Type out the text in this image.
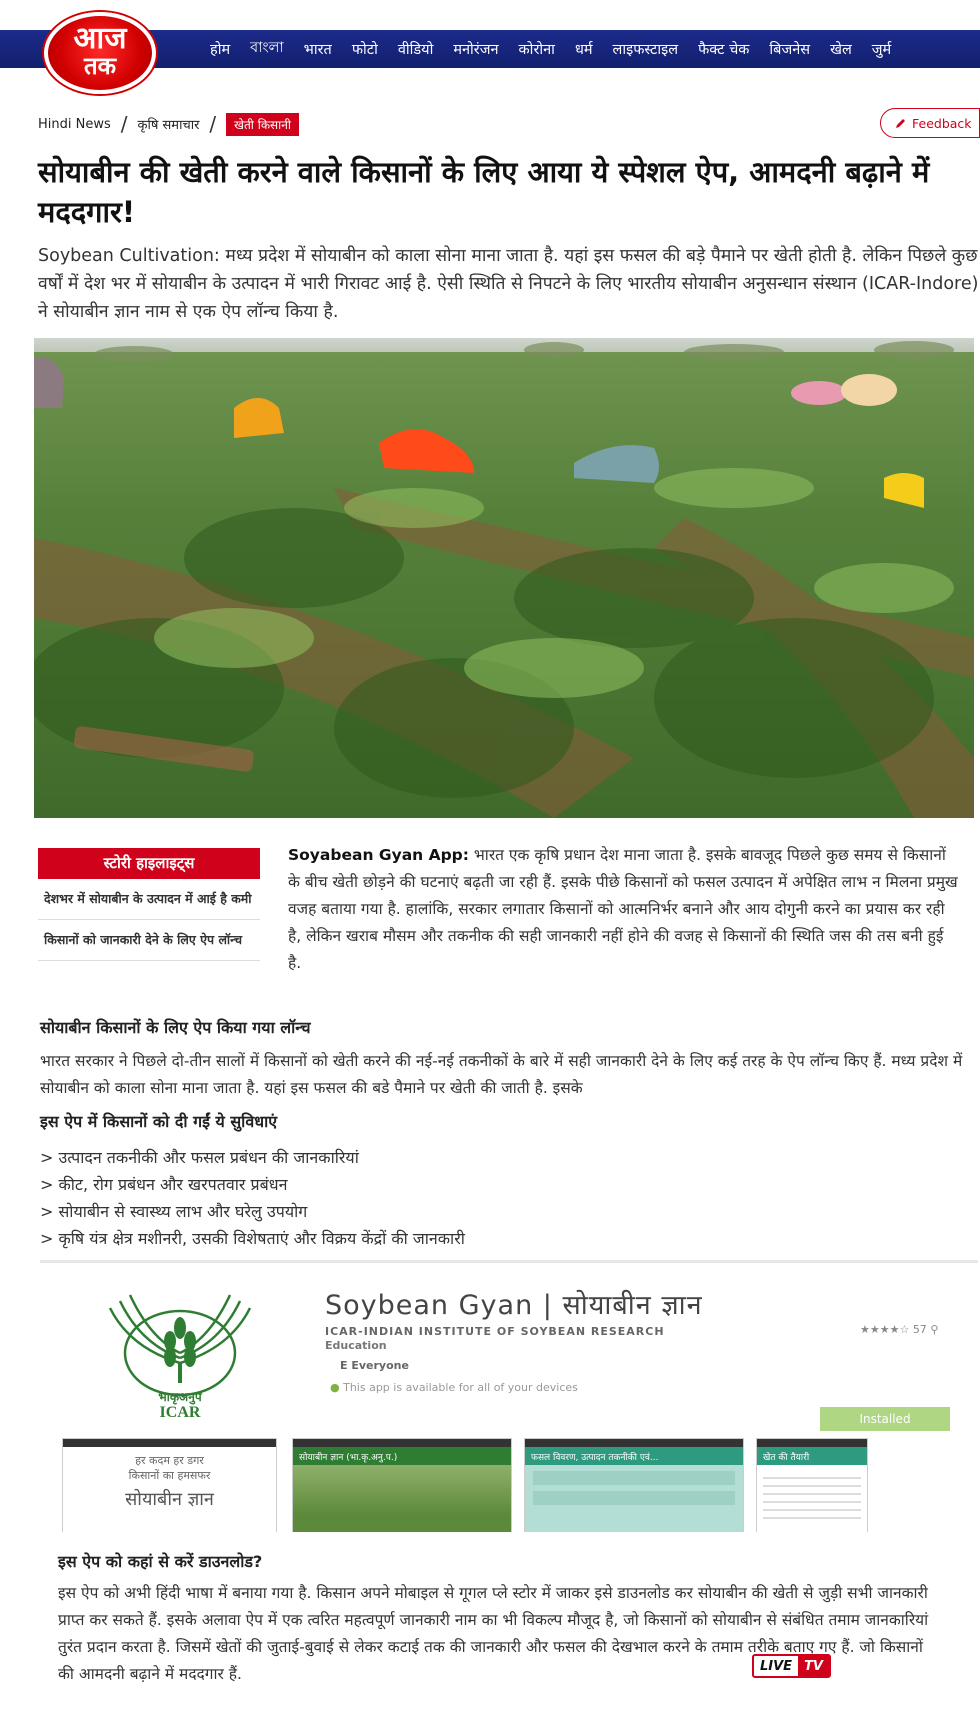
होम	বাংলা	भारत	फोटो	वीडियो	मनोरंजन	कोरोना	धर्म	लाइफस्टाइल	फैक्ट चेक	बिजनेस	खेल	जुर्म
आज
तक
Hindi News / कृषि समाचार /	खेती किसानी	Feedback
सोयाबीन की खेती करने वाले किसानों के लिए आया ये स्पेशल ऐप, आमदनी बढ़ाने में मददगार!

Soybean Cultivation: मध्य प्रदेश में सोयाबीन को काला सोना माना जाता है. यहां इस फसल की बड़े पैमाने पर खेती होती है. लेकिन पिछले कुछ वर्षों में देश भर में सोयाबीन के उत्पादन में भारी गिरावट आई है. ऐसी स्थिति से निपटने के लिए भारतीय सोयाबीन अनुसन्धान संस्थान (ICAR-Indore) ने सोयाबीन ज्ञान नाम से एक ऐप लॉन्च किया है.

स्टोरी हाइलाइट्स
देशभर में सोयाबीन के उत्पादन में आई है कमी
किसानों को जानकारी देने के लिए ऐप लॉन्च

Soyabean Gyan App: भारत एक कृषि प्रधान देश माना जाता है. इसके बावजूद पिछले कुछ समय से किसानों के बीच खेती छोड़ने की घटनाएं बढ़ती जा रही हैं. इसके पीछे किसानों को फसल उत्पादन में अपेक्षित लाभ न मिलना प्रमुख वजह बताया गया है. हालांकि, सरकार लगातार किसानों को आत्मनिर्भर बनाने और आय दोगुनी करने का प्रयास कर रही है, लेकिन खराब मौसम और तकनीक की सही जानकारी नहीं होने की वजह से किसानों की स्थिति जस की तस बनी हुई है.

सोयाबीन किसानों के लिए ऐप किया गया लॉन्च

भारत सरकार ने पिछले दो-तीन सालों में किसानों को खेती करने की नई-नई तकनीकों के बारे में सही जानकारी देने के लिए कई तरह के ऐप लॉन्च किए हैं. मध्य प्रदेश में सोयाबीन को काला सोना माना जाता है. यहां इस फसल की बडे पैमाने पर खेती की जाती है. इसके

इस ऐप में किसानों को दी गईं ये सुविधाएं
> उत्पादन तकनीकी और फसल प्रबंधन की जानकारियां
> कीट, रोग प्रबंधन और खरपतवार प्रबंधन
> सोयाबीन से स्वास्थ्य लाभ और घरेलु उपयोग
> कृषि यंत्र क्षेत्र मशीनरी, उसकी विशेषताएं और विक्रय केंद्रों की जानकारी
भाकृअनुप
ICAR
Soybean Gyan | सोयाबीन ज्ञान
ICAR-INDIAN INSTITUTE OF SOYBEAN RESEARCH
Education
★★★★☆ 57 ⚲
E Everyone
● This app is available for all of your devices
Installed
हर कदम हर डगर
किसानों का हमसफर
सोयाबीन ज्ञान
सोयाबीन ज्ञान (भा.कृ.अनु.प.)	फसल विवरण, उत्पादन तकनीकी एवं...	खेत की तैयारी
इस ऐप को कहां से करें डाउनलोड?

इस ऐप को अभी हिंदी भाषा में बनाया गया है. किसान अपने मोबाइल से गूगल प्ले स्टोर में जाकर इसे डाउनलोड कर सोयाबीन की खेती से जुड़ी सभी जानकारी प्राप्त कर सकते हैं. इसके अलावा ऐप में एक त्वरित महत्वपूर्ण जानकारी नाम का भी विकल्प मौजूद है, जो किसानों को सोयाबीन से संबंधित तमाम जानकारियां तुरंत प्रदान करता है. जिसमें खेतों की जुताई-बुवाई से लेकर कटाई तक की जानकारी और फसल की देखभाल करने के तमाम तरीके बताए गए हैं. जो किसानों की आमदनी बढ़ाने में मददगार हैं.	LIVE TV
